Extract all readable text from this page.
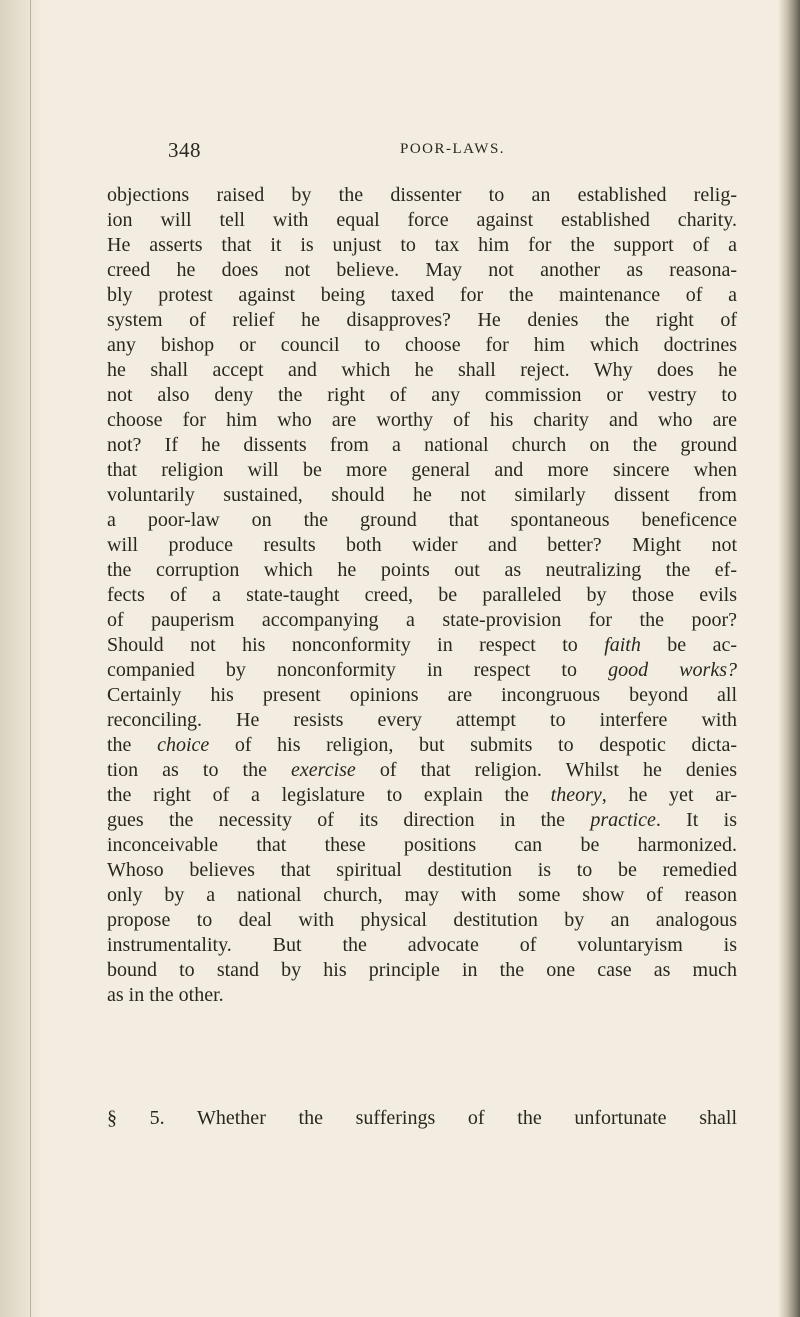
348	POOR-LAWS.
objections raised by the dissenter to an established relig-
ion will tell with equal force against established charity.
He asserts that it is unjust to tax him for the support of a
creed he does not believe. May not another as reasona-
bly protest against being taxed for the maintenance of a
system of relief he disapproves? He denies the right of
any bishop or council to choose for him which doctrines
he shall accept and which he shall reject. Why does he
not also deny the right of any commission or vestry to
choose for him who are worthy of his charity and who are
not? If he dissents from a national church on the ground
that religion will be more general and more sincere when
voluntarily sustained, should he not similarly dissent from
a poor-law on the ground that spontaneous beneficence
will produce results both wider and better? Might not
the corruption which he points out as neutralizing the ef-
fects of a state-taught creed, be paralleled by those evils
of pauperism accompanying a state-provision for the poor?
Should not his nonconformity in respect to faith be ac-
companied by nonconformity in respect to good works?
Certainly his present opinions are incongruous beyond all
reconciling. He resists every attempt to interfere with
the choice of his religion, but submits to despotic dicta-
tion as to the exercise of that religion. Whilst he denies
the right of a legislature to explain the theory, he yet ar-
gues the necessity of its direction in the practice. It is
inconceivable that these positions can be harmonized.
Whoso believes that spiritual destitution is to be remedied
only by a national church, may with some show of reason
propose to deal with physical destitution by an analogous
instrumentality. But the advocate of voluntaryism is
bound to stand by his principle in the one case as much
as in the other.
§ 5. Whether the sufferings of the unfortunate shall
